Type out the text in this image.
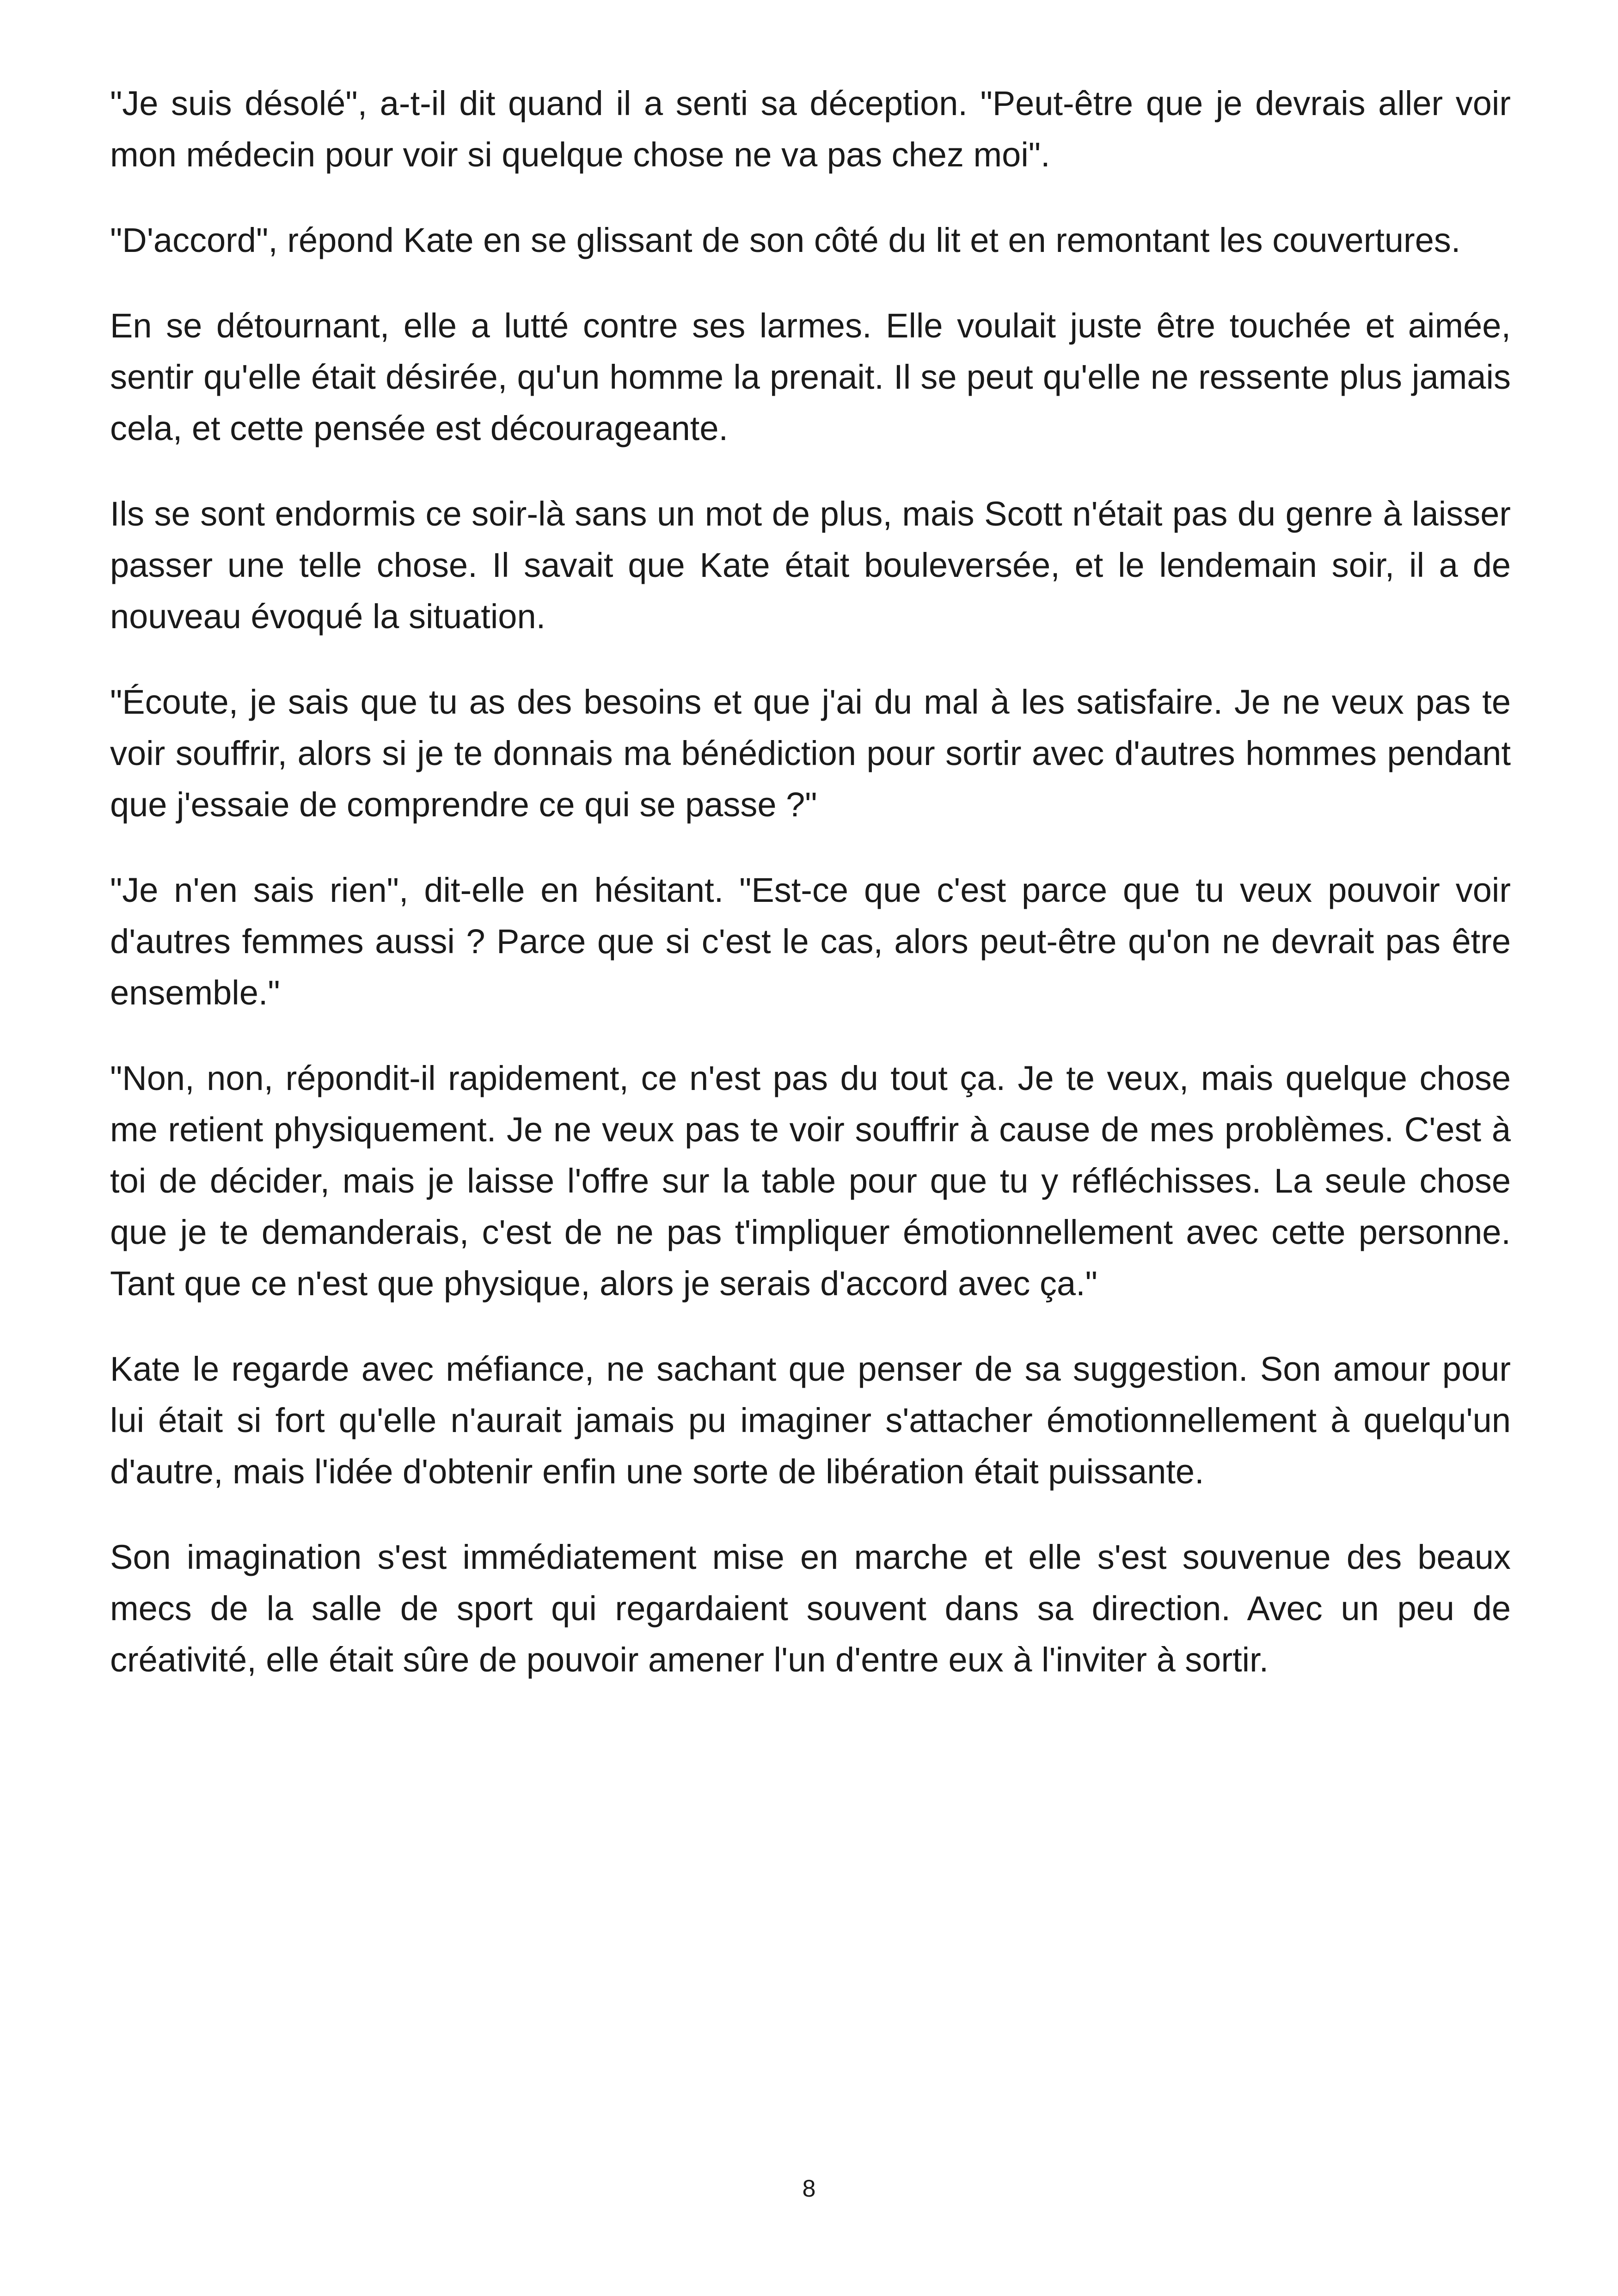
"Je suis désolé", a-t-il dit quand il a senti sa déception. "Peut-être que je devrais aller voir mon médecin pour voir si quelque chose ne va pas chez moi".

"D'accord", répond Kate en se glissant de son côté du lit et en remontant les couvertures.

En se détournant, elle a lutté contre ses larmes. Elle voulait juste être touchée et aimée, sentir qu'elle était désirée, qu'un homme la prenait. Il se peut qu'elle ne ressente plus jamais cela, et cette pensée est décourageante.

Ils se sont endormis ce soir-là sans un mot de plus, mais Scott n'était pas du genre à laisser passer une telle chose. Il savait que Kate était bouleversée, et le lendemain soir, il a de nouveau évoqué la situation.

"Écoute, je sais que tu as des besoins et que j'ai du mal à les satisfaire. Je ne veux pas te voir souffrir, alors si je te donnais ma bénédiction pour sortir avec d'autres hommes pendant que j'essaie de comprendre ce qui se passe ?"

"Je n'en sais rien", dit-elle en hésitant. "Est-ce que c'est parce que tu veux pouvoir voir d'autres femmes aussi ? Parce que si c'est le cas, alors peut-être qu'on ne devrait pas être ensemble."

"Non, non, répondit-il rapidement, ce n'est pas du tout ça. Je te veux, mais quelque chose me retient physiquement. Je ne veux pas te voir souffrir à cause de mes problèmes. C'est à toi de décider, mais je laisse l'offre sur la table pour que tu y réfléchisses. La seule chose que je te demanderais, c'est de ne pas t'impliquer émotionnellement avec cette personne. Tant que ce n'est que physique, alors je serais d'accord avec ça."

Kate le regarde avec méfiance, ne sachant que penser de sa suggestion. Son amour pour lui était si fort qu'elle n'aurait jamais pu imaginer s'attacher émotionnellement à quelqu'un d'autre, mais l'idée d'obtenir enfin une sorte de libération était puissante.

Son imagination s'est immédiatement mise en marche et elle s'est souvenue des beaux mecs de la salle de sport qui regardaient souvent dans sa direction. Avec un peu de créativité, elle était sûre de pouvoir amener l'un d'entre eux à l'inviter à sortir.

8
